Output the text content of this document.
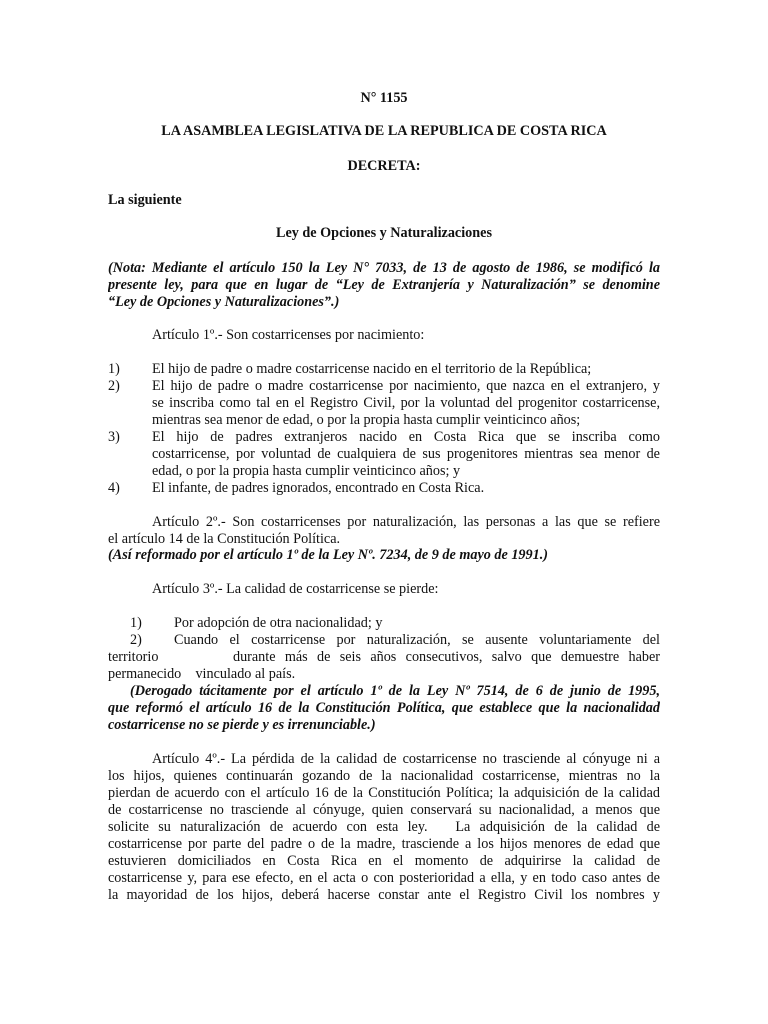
N° 1155

LA ASAMBLEA LEGISLATIVA DE LA REPUBLICA DE COSTA RICA

DECRETA:

La siguiente

Ley de Opciones y Naturalizaciones

(Nota: Mediante el artículo 150 la Ley N° 7033, de 13 de agosto de 1986, se modificó la

presente ley, para que en lugar de “Ley de Extranjería y Naturalización” se denomine

“Ley de Opciones y Naturalizaciones”.)

Artículo 1º.- Son costarricenses por nacimiento:

1) El hijo de padre o madre costarricense nacido en el territorio de la República;

2) El hijo de padre o madre costarricense por nacimiento, que nazca en el extranjero, y

se inscriba como tal en el Registro Civil, por la voluntad del progenitor costarricense,

mientras sea menor de edad, o por la propia hasta cumplir veinticinco años;

3) El hijo de padres extranjeros nacido en Costa Rica que se inscriba como

costarricense, por voluntad de cualquiera de sus progenitores mientras sea menor de

edad, o por la propia hasta cumplir veinticinco años; y

4) El infante, de padres ignorados, encontrado en Costa Rica.

Artículo 2º.- Son costarricenses por naturalización, las personas a las que se refiere

el artículo 14 de la Constitución Política.

(Así reformado por el artículo 1º de la Ley Nº. 7234, de 9 de mayo de 1991.)

Artículo 3º.- La calidad de costarricense se pierde:

1) Por adopción de otra nacionalidad; y

2) Cuando el costarricense por naturalización, se ausente voluntariamente del

territorio        durante más de seis años consecutivos, salvo que demuestre haber

permanecido    vinculado al país.

(Derogado tácitamente por el artículo 1º de la Ley Nº 7514, de 6 de junio de 1995,

que reformó el artículo 16 de la Constitución Política, que establece que la nacionalidad

costarricense no se pierde y es irrenunciable.)

Artículo 4º.- La pérdida de la calidad de costarricense no trasciende al cónyuge ni a

los hijos, quienes continuarán gozando de la nacionalidad costarricense, mientras no la

pierdan de acuerdo con el artículo 16 de la Constitución Política; la adquisición de la calidad

de costarricense no trasciende al cónyuge, quien conservará su nacionalidad, a menos que

solicite su naturalización de acuerdo con esta ley.   La adquisición de la calidad de

costarricense por parte del padre o de la madre, trasciende a los hijos menores de edad que

estuvieren domiciliados en Costa Rica en el momento de adquirirse la calidad de

costarricense y, para ese efecto, en el acta o con posterioridad a ella, y en todo caso antes de

la mayoridad de los hijos, deberá hacerse constar ante el Registro Civil los nombres y
